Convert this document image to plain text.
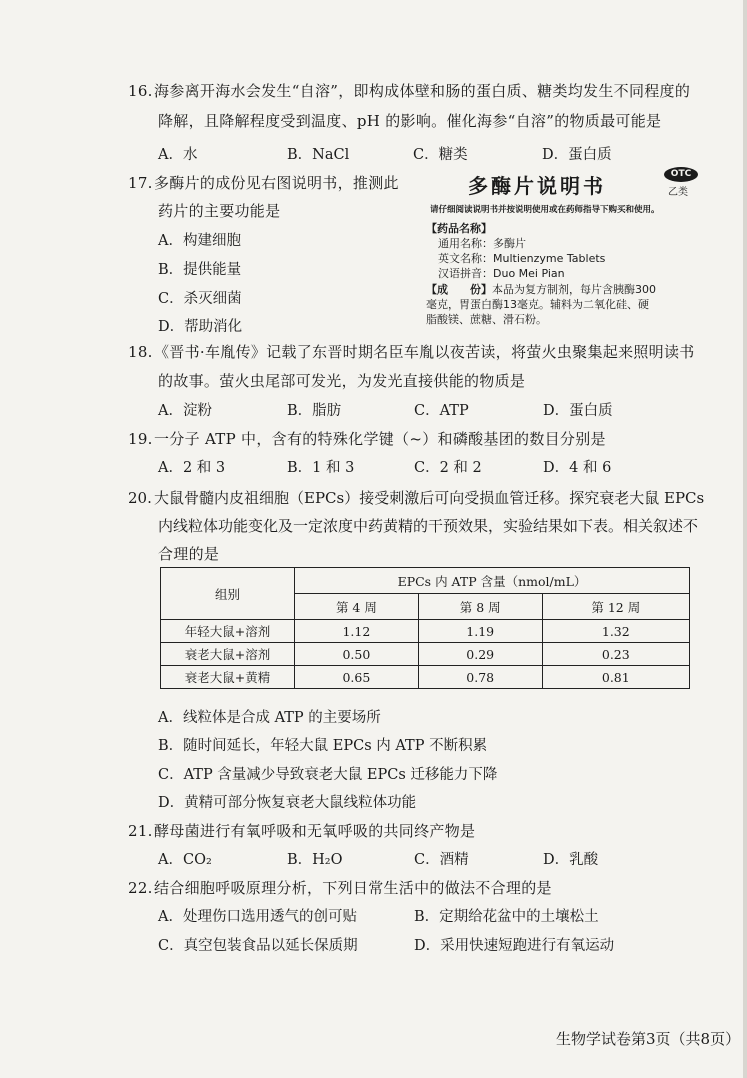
16.海参离开海水会发生“自溶”，即构成体壁和肠的蛋白质、糖类均发生不同程度的
降解，且降解程度受到温度、pH 的影响。催化海参“自溶”的物质最可能是
A．水	B．NaCl	C．糖类	D．蛋白质
17.多酶片的成份见右图说明书，推测此
药片的主要功能是
A．构建细胞
B．提供能量
C．杀灭细菌
D．帮助消化
多酶片说明书	OTC
乙类
请仔细阅读说明书并按说明使用或在药师指导下购买和使用。
【药品名称】
通用名称：多酶片
英文名称：Multienzyme Tablets
汉语拼音：Duo Mei Pian
【成　　份】本品为复方制剂，每片含胰酶300
毫克，胃蛋白酶13毫克。辅料为二氧化硅、硬
脂酸镁、蔗糖、滑石粉。
18.《晋书·车胤传》记载了东晋时期名臣车胤以夜苦读，将萤火虫聚集起来照明读书
的故事。萤火虫尾部可发光，为发光直接供能的物质是
A．淀粉	B．脂肪	C．ATP	D．蛋白质
19.一分子 ATP 中，含有的特殊化学键（~）和磷酸基团的数目分别是
A．2 和 3	B．1 和 3	C．2 和 2	D．4 和 6
20. 大鼠骨髓内皮祖细胞（EPCs）接受刺激后可向受损血管迁移。探究衰老大鼠 EPCs
内线粒体功能变化及一定浓度中药黄精的干预效果，实验结果如下表。相关叙述不
合理的是
组别	EPCs 内 ATP 含量（nmol/mL）		
	第 4 周	第 8 周	第 12 周
年轻大鼠+溶剂	1.12	1.19	1.32
衰老大鼠+溶剂	0.50	0.29	0.23
衰老大鼠+黄精	0.65	0.78	0.81
A．线粒体是合成 ATP 的主要场所
B．随时间延长，年轻大鼠 EPCs 内 ATP 不断积累
C．ATP 含量减少导致衰老大鼠 EPCs 迁移能力下降
D．黄精可部分恢复衰老大鼠线粒体功能
21.酵母菌进行有氧呼吸和无氧呼吸的共同终产物是
A．CO₂	B．H₂O	C．酒精	D．乳酸
22.结合细胞呼吸原理分析，下列日常生活中的做法不合理的是
A．处理伤口选用透气的创可贴	B．定期给花盆中的土壤松土
C．真空包装食品以延长保质期	D．采用快速短跑进行有氧运动
生物学试卷第3页（共8页）
